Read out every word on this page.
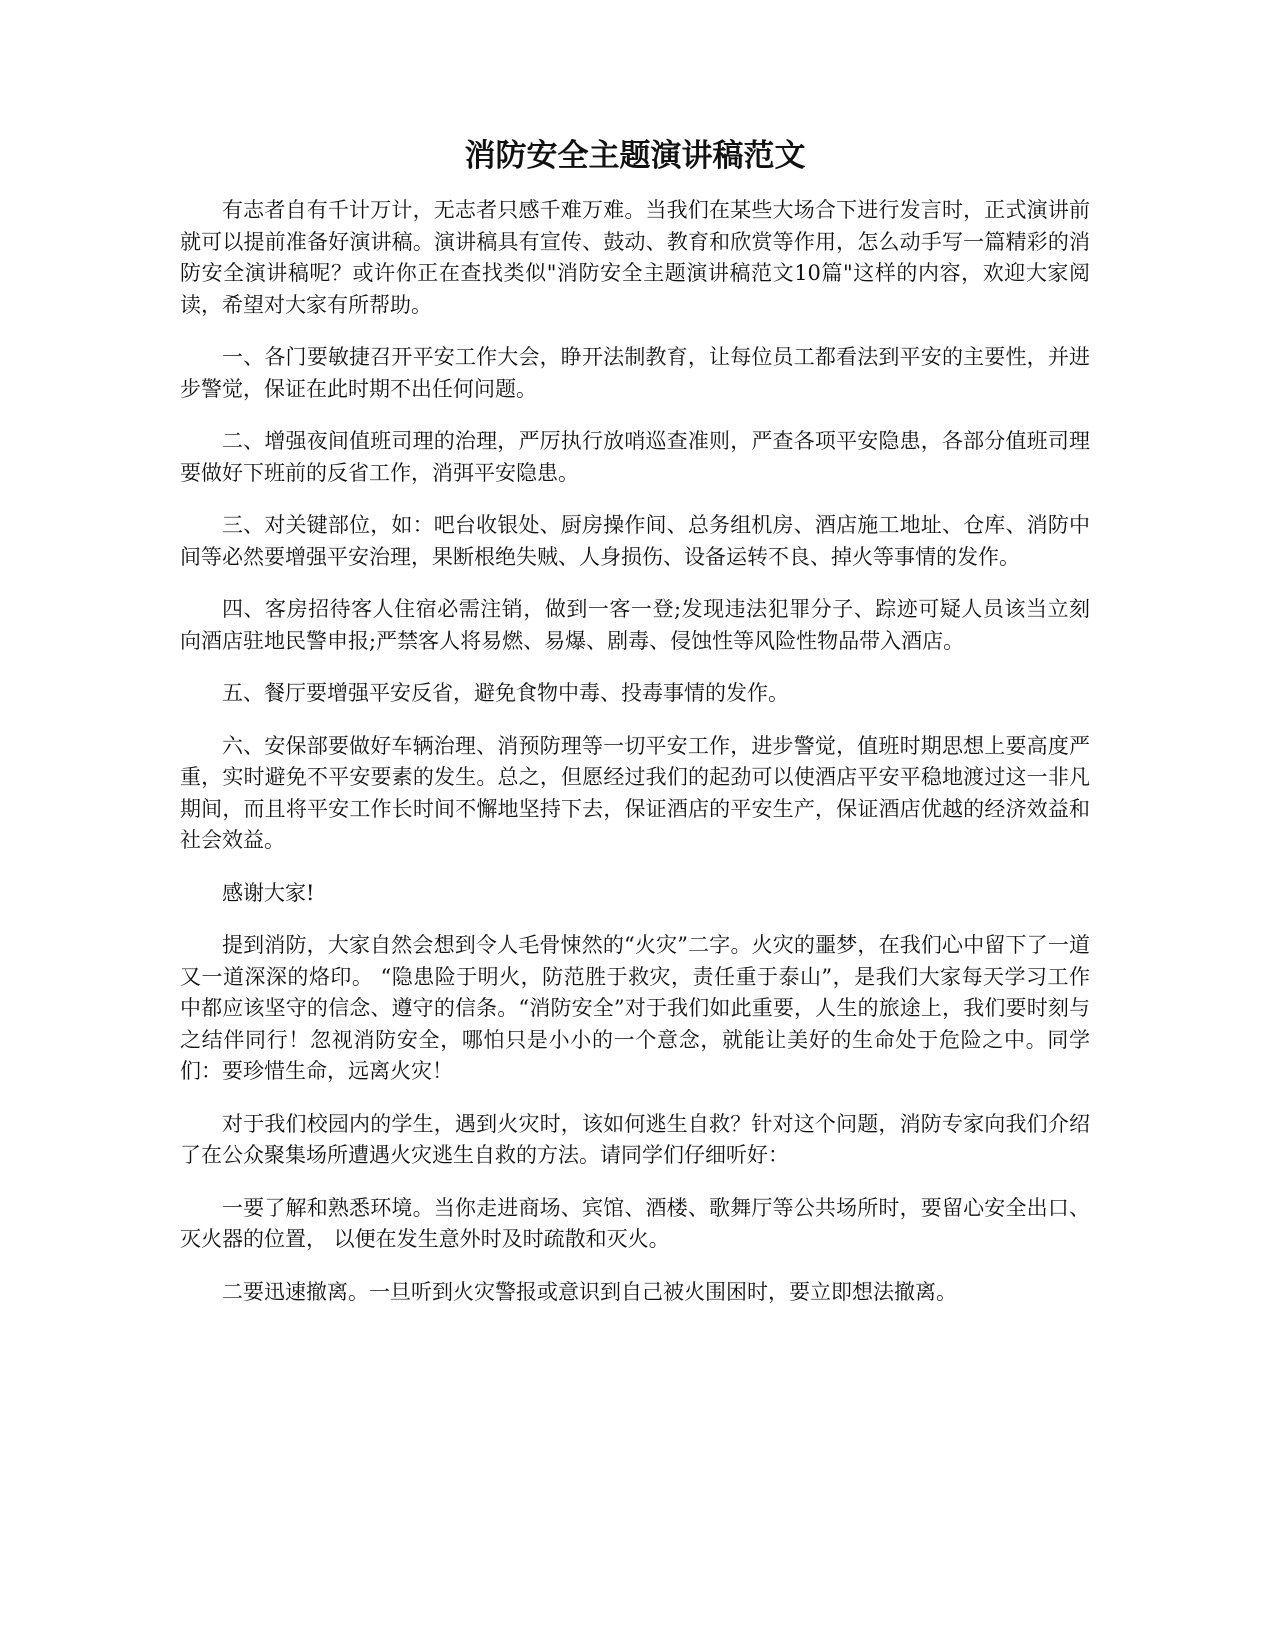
消防安全主题演讲稿范文

有志者自有千计万计，无志者只感千难万难。当我们在某些大场合下进行发言时，正式演讲前就可以提前准备好演讲稿。演讲稿具有宣传、鼓动、教育和欣赏等作用，怎么动手写一篇精彩的消防安全演讲稿呢？或许你正在查找类似"消防安全主题演讲稿范文10篇"这样的内容，欢迎大家阅读，希望对大家有所帮助。

一、各门要敏捷召开平安工作大会，睁开法制教育，让每位员工都看法到平安的主要性，并进步警觉，保证在此时期不出任何问题。

二、增强夜间值班司理的治理，严厉执行放哨巡查准则，严查各项平安隐患，各部分值班司理要做好下班前的反省工作，消弭平安隐患。

三、对关键部位，如：吧台收银处、厨房操作间、总务组机房、酒店施工地址、仓库、消防中间等必然要增强平安治理，果断根绝失贼、人身损伤、设备运转不良、掉火等事情的发作。

四、客房招待客人住宿必需注销，做到一客一登;发现违法犯罪分子、踪迹可疑人员该当立刻向酒店驻地民警申报;严禁客人将易燃、易爆、剧毒、侵蚀性等风险性物品带入酒店。

五、餐厅要增强平安反省，避免食物中毒、投毒事情的发作。

六、安保部要做好车辆治理、消预防理等一切平安工作，进步警觉，值班时期思想上要高度严重，实时避免不平安要素的发生。总之，但愿经过我们的起劲可以使酒店平安平稳地渡过这一非凡期间，而且将平安工作长时间不懈地坚持下去，保证酒店的平安生产，保证酒店优越的经济效益和社会效益。

感谢大家!

提到消防，大家自然会想到令人毛骨悚然的“火灾”二字。火灾的噩梦，在我们心中留下了一道又一道深深的烙印。 “隐患险于明火，防范胜于救灾，责任重于泰山”，是我们大家每天学习工作中都应该坚守的信念、遵守的信条。“消防安全”对于我们如此重要，人生的旅途上，我们要时刻与之结伴同行！忽视消防安全，哪怕只是小小的一个意念，就能让美好的生命处于危险之中。同学们：要珍惜生命，远离火灾！

对于我们校园内的学生，遇到火灾时，该如何逃生自救？针对这个问题，消防专家向我们介绍了在公众聚集场所遭遇火灾逃生自救的方法。请同学们仔细听好：

一要了解和熟悉环境。当你走进商场、宾馆、酒楼、歌舞厅等公共场所时，要留心安全出口、灭火器的位置， 以便在发生意外时及时疏散和灭火。

二要迅速撤离。一旦听到火灾警报或意识到自己被火围困时，要立即想法撤离。
